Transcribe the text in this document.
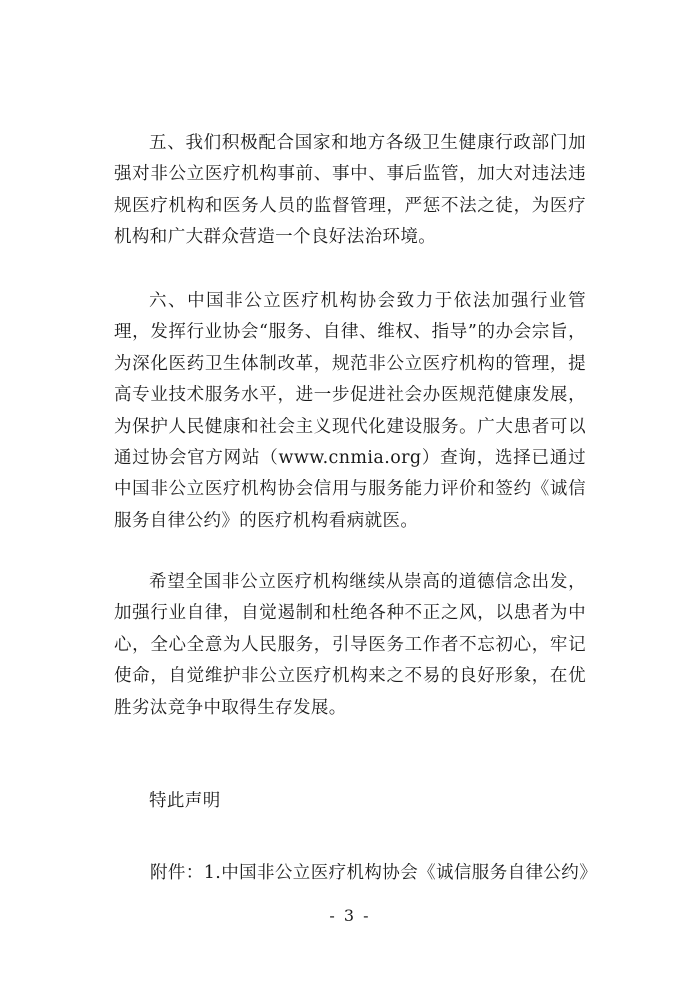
五、我们积极配合国家和地方各级卫生健康行政部门加强对非公立医疗机构事前、事中、事后监管，加大对违法违规医疗机构和医务人员的监督管理，严惩不法之徒，为医疗机构和广大群众营造一个良好法治环境。

六、中国非公立医疗机构协会致力于依法加强行业管理，发挥行业协会“服务、自律、维权、指导”的办会宗旨，为深化医药卫生体制改革，规范非公立医疗机构的管理，提高专业技术服务水平，进一步促进社会办医规范健康发展，为保护人民健康和社会主义现代化建设服务。广大患者可以通过协会官方网站（www.cnmia.org）查询，选择已通过中国非公立医疗机构协会信用与服务能力评价和签约《诚信服务自律公约》的医疗机构看病就医。

希望全国非公立医疗机构继续从崇高的道德信念出发，加强行业自律，自觉遏制和杜绝各种不正之风，以患者为中心，全心全意为人民服务，引导医务工作者不忘初心，牢记使命，自觉维护非公立医疗机构来之不易的良好形象，在优胜劣汰竞争中取得生存发展。

特此声明

附件：1.中国非公立医疗机构协会《诚信服务自律公约》

- 3 -
